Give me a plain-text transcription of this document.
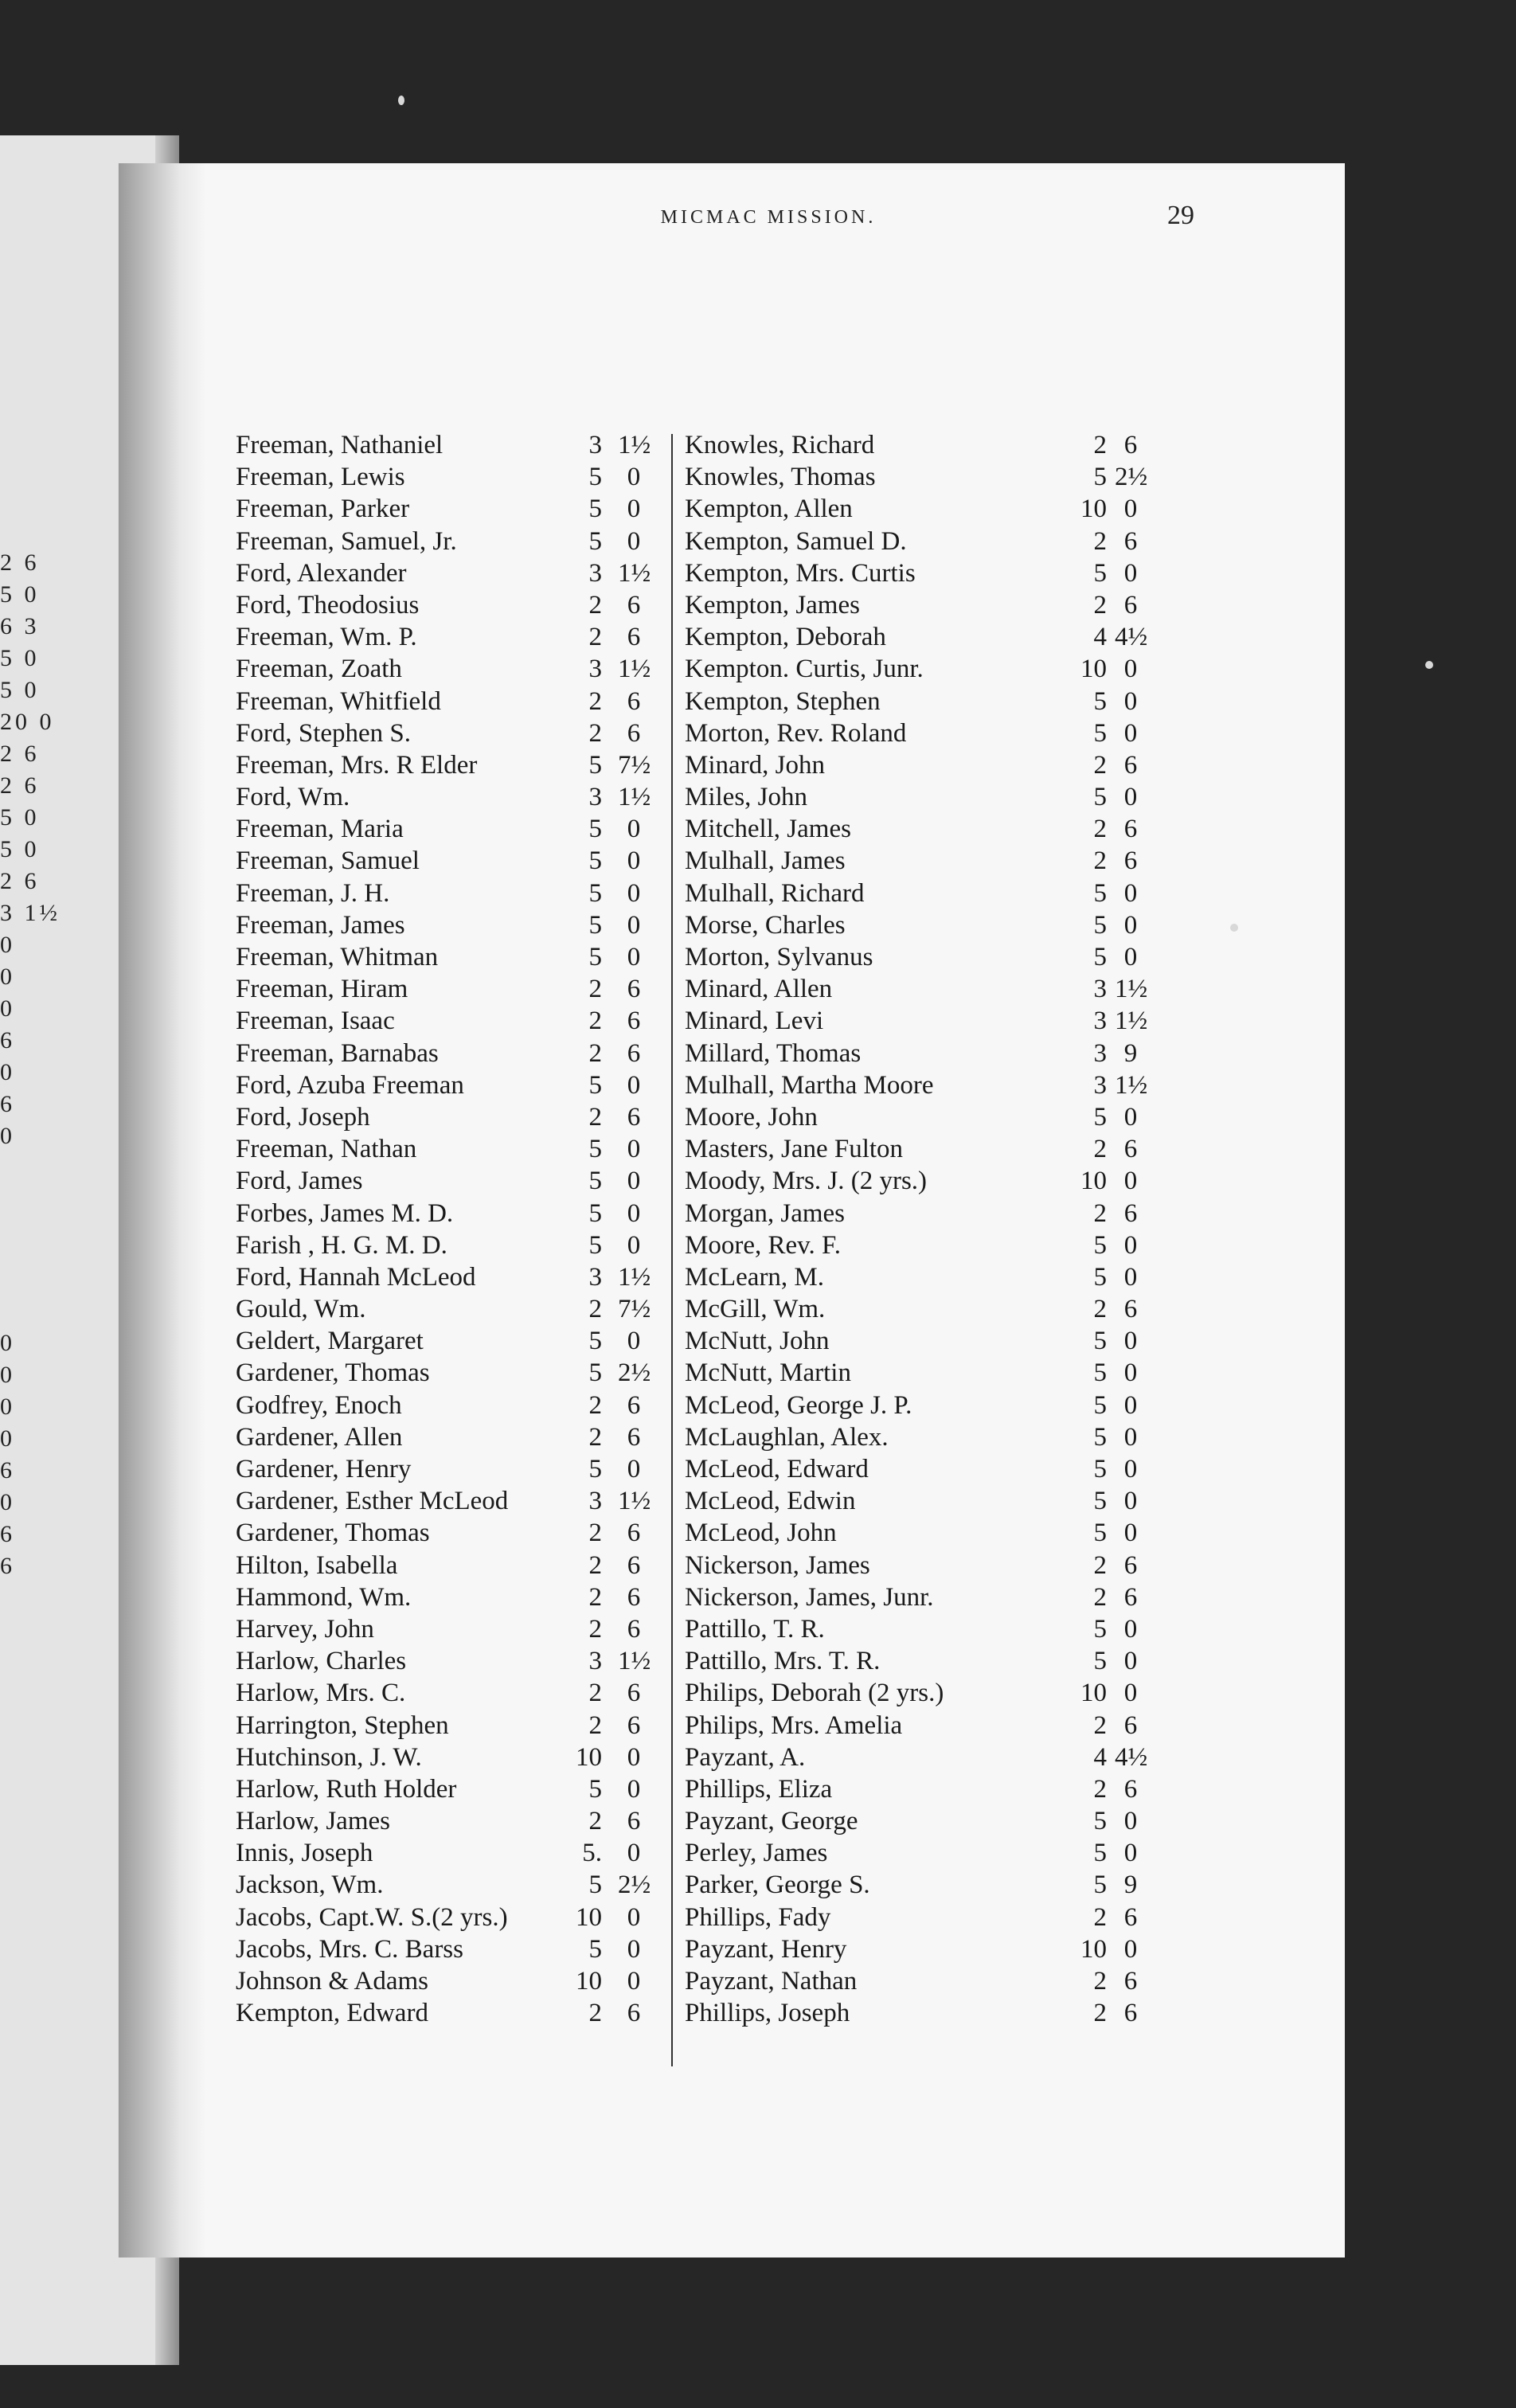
2 6
5 0
6 3
5 0
5 0
20 0
2 6
2 6
5 0
5 0
2 6
3 1½
0
0
0
6
0
6
0
0
0
0
0
6
0
6
6
MICMAC MISSION.	29
Freeman, Nathaniel	3 1½
Freeman, Lewis	5 0
Freeman, Parker	5 0
Freeman, Samuel, Jr.	5 0
Ford, Alexander	3 1½
Ford, Theodosius	2 6
Freeman, Wm. P.	2 6
Freeman, Zoath	3 1½
Freeman, Whitfield	2 6
Ford, Stephen S.	2 6
Freeman, Mrs. R Elder	5 7½
Ford, Wm.	3 1½
Freeman, Maria	5 0
Freeman, Samuel	5 0
Freeman, J. H.	5 0
Freeman, James	5 0
Freeman, Whitman	5 0
Freeman, Hiram	2 6
Freeman, Isaac	2 6
Freeman, Barnabas	2 6
Ford, Azuba Freeman	5 0
Ford, Joseph	2 6
Freeman, Nathan	5 0
Ford, James	5 0
Forbes, James M. D.	5 0
Farish , H. G. M. D.	5 0
Ford, Hannah McLeod	3 1½
Gould, Wm.	2 7½
Geldert, Margaret	5 0
Gardener, Thomas	5 2½
Godfrey, Enoch	2 6
Gardener, Allen	2 6
Gardener, Henry	5 0
Gardener, Esther McLeod	3 1½
Gardener, Thomas	2 6
Hilton, Isabella	2 6
Hammond, Wm.	2 6
Harvey, John	2 6
Harlow, Charles	3 1½
Harlow, Mrs. C.	2 6
Harrington, Stephen	2 6
Hutchinson, J. W.	10 0
Harlow, Ruth Holder	5 0
Harlow, James	2 6
Innis, Joseph	5. 0
Jackson, Wm.	5 2½
Jacobs, Capt.W. S.(2 yrs.)	10 0
Jacobs, Mrs. C. Barss	5 0
Johnson & Adams	10 0
Kempton, Edward	2 6
Knowles, Richard	2 6
Knowles, Thomas	5 2½
Kempton, Allen	10 0
Kempton, Samuel D.	2 6
Kempton, Mrs. Curtis	5 0
Kempton, James	2 6
Kempton, Deborah	4 4½
Kempton. Curtis, Junr.	10 0
Kempton, Stephen	5 0
Morton, Rev. Roland	5 0
Minard, John	2 6
Miles, John	5 0
Mitchell, James	2 6
Mulhall, James	2 6
Mulhall, Richard	5 0
Morse, Charles	5 0
Morton, Sylvanus	5 0
Minard, Allen	3 1½
Minard, Levi	3 1½
Millard, Thomas	3 9
Mulhall, Martha Moore	3 1½
Moore, John	5 0
Masters, Jane Fulton	2 6
Moody, Mrs. J. (2 yrs.)	10 0
Morgan, James	2 6
Moore, Rev. F.	5 0
McLearn, M.	5 0
McGill, Wm.	2 6
McNutt, John	5 0
McNutt, Martin	5 0
McLeod, George J. P.	5 0
McLaughlan, Alex.	5 0
McLeod, Edward	5 0
McLeod, Edwin	5 0
McLeod, John	5 0
Nickerson, James	2 6
Nickerson, James, Junr.	2 6
Pattillo, T. R.	5 0
Pattillo, Mrs. T. R.	5 0
Philips, Deborah (2 yrs.)	10 0
Philips, Mrs. Amelia	2 6
Payzant, A.	4 4½
Phillips, Eliza	2 6
Payzant, George	5 0
Perley, James	5 0
Parker, George S.	5 9
Phillips, Fady	2 6
Payzant, Henry	10 0
Payzant, Nathan	2 6
Phillips, Joseph	2 6
